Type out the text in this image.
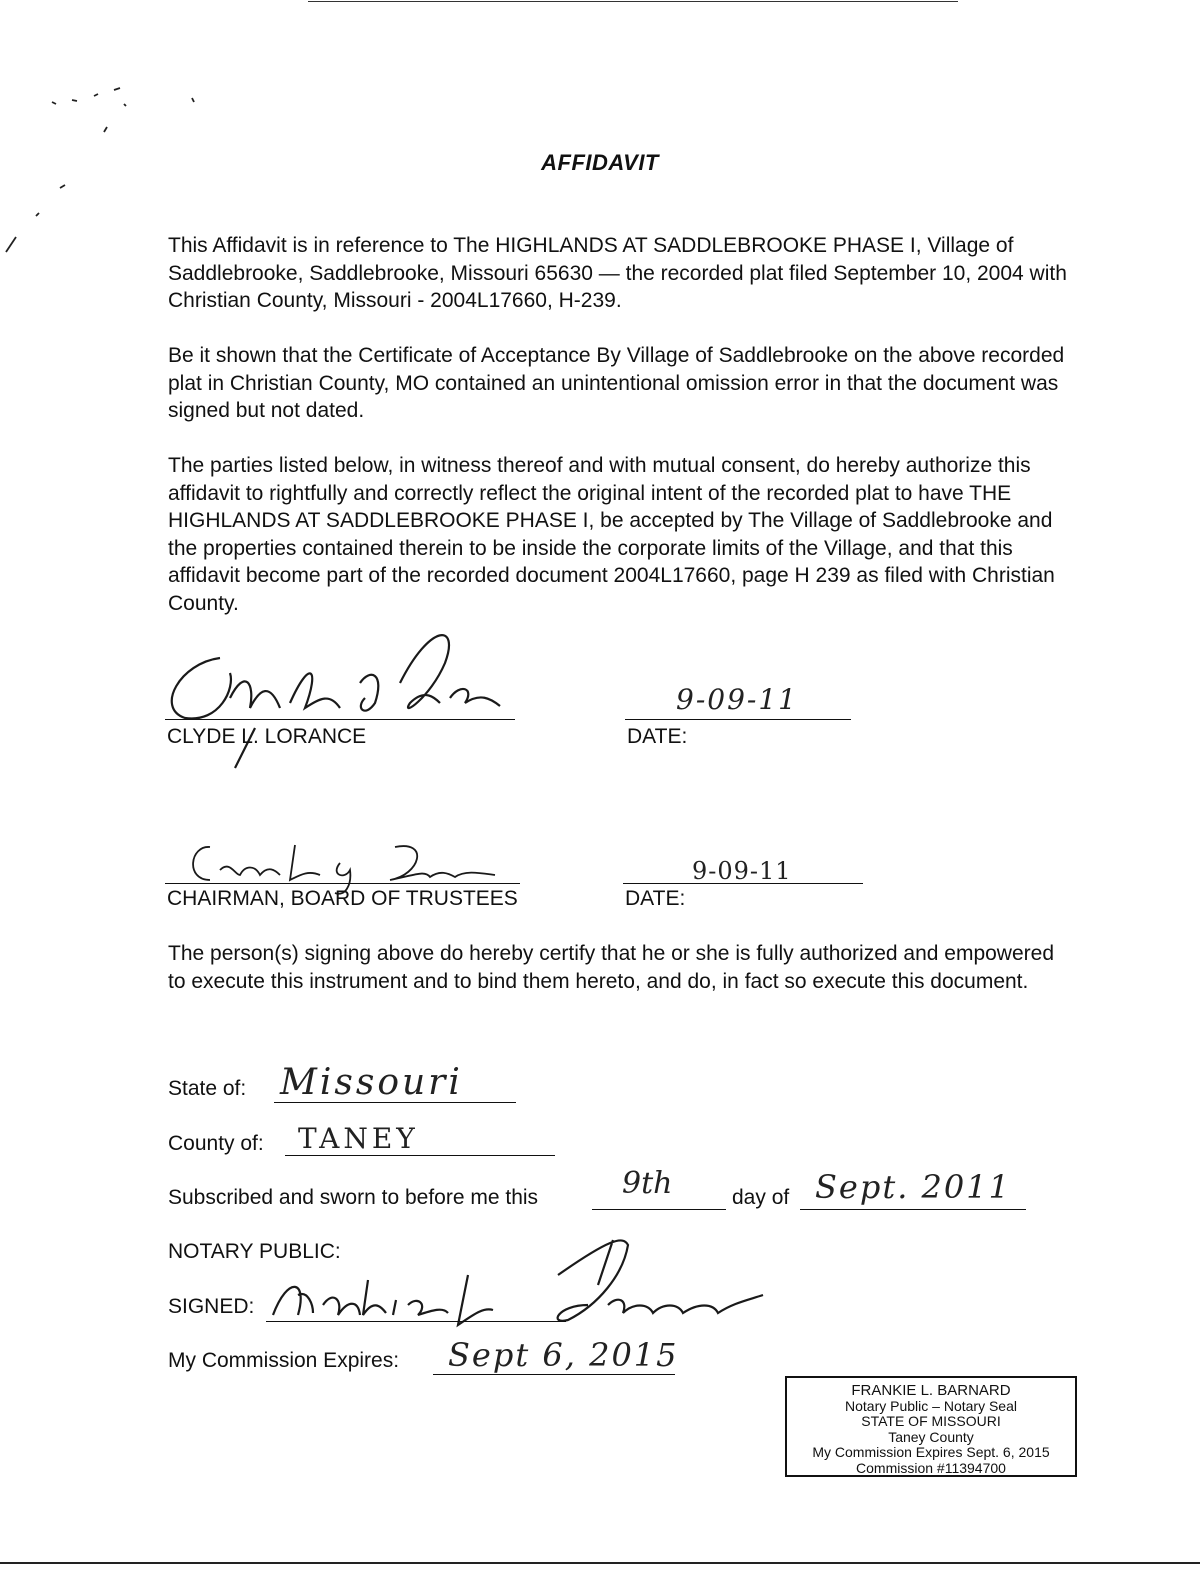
AFFIDAVIT
This Affidavit is in reference to The HIGHLANDS AT SADDLEBROOKE PHASE I, Village of Saddlebrooke, Saddlebrooke, Missouri 65630 — the recorded plat filed September 10, 2004 with Christian County, Missouri - 2004L17660, H-239.
Be it shown that the Certificate of Acceptance By Village of Saddlebrooke on the above recorded plat in Christian County, MO contained an unintentional omission error in that the document was signed but not dated.
The parties listed below, in witness thereof and with mutual consent, do hereby authorize this affidavit to rightfully and correctly reflect the original intent of the recorded plat to have THE HIGHLANDS AT SADDLEBROOKE PHASE I, be accepted by The Village of Saddlebrooke and the properties contained therein to be inside the corporate limits of the Village, and that this affidavit become part of the recorded document 2004L17660, page H 239 as filed with Christian County.
CLYDE L. LORANCE
9-09-11
DATE:
CHAIRMAN, BOARD OF TRUSTEES
9-09-11
DATE:
The person(s) signing above do hereby certify that he or she is fully authorized and empowered to execute this instrument and to bind them hereto, and do, in fact so execute this document.
State of: Missouri
County of: TANEY
Subscribed and sworn to before me this	9th	day of Sept. 2011
NOTARY PUBLIC:
SIGNED:
My Commission Expires: Sept 6, 2015
FRANKIE L. BARNARD
Notary Public – Notary Seal
STATE OF MISSOURI
Taney County
My Commission Expires Sept. 6, 2015
Commission #11394700
